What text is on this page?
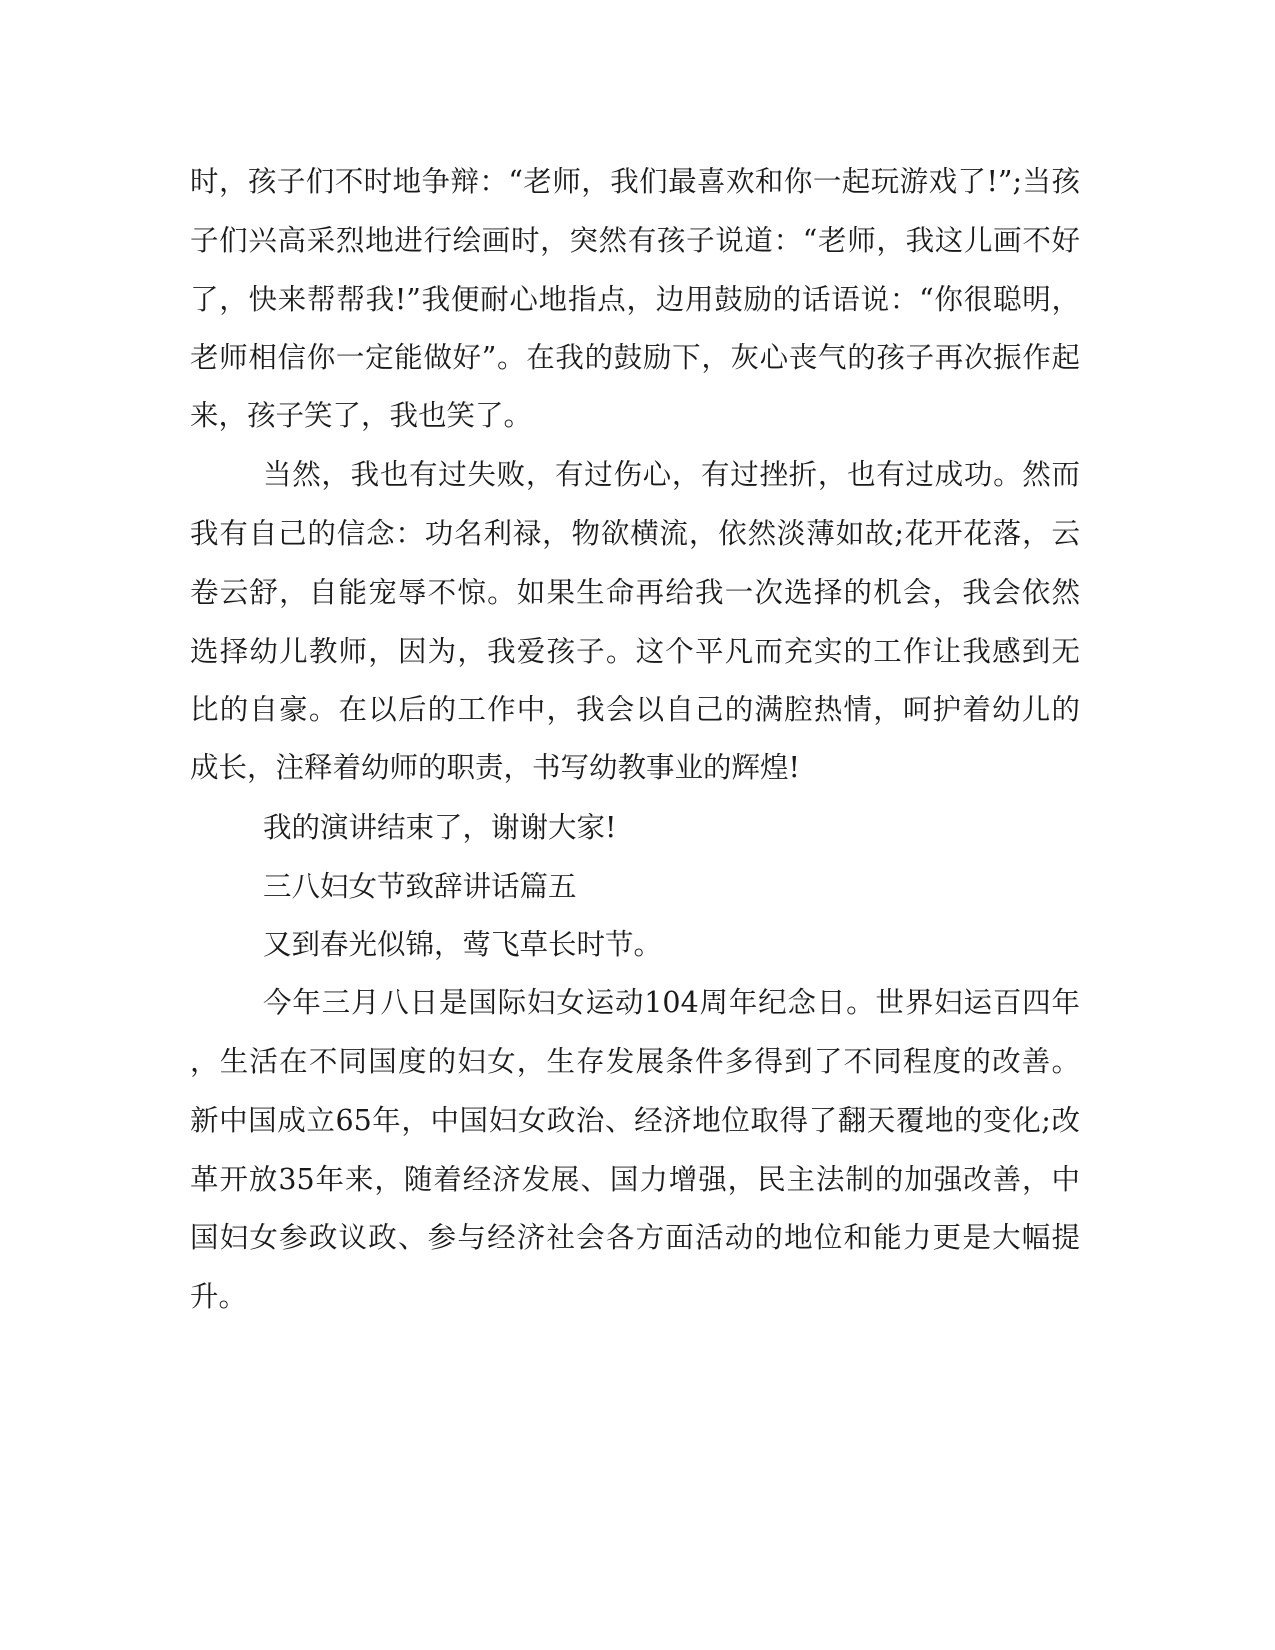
时，孩子们不时地争辩：“老师，我们最喜欢和你一起玩游戏了!”;当孩

子们兴高采烈地进行绘画时，突然有孩子说道：“老师，我这儿画不好

了，快来帮帮我!”我便耐心地指点，边用鼓励的话语说：“你很聪明，

老师相信你一定能做好”。在我的鼓励下，灰心丧气的孩子再次振作起

来，孩子笑了，我也笑了。

当然，我也有过失败，有过伤心，有过挫折，也有过成功。然而

我有自己的信念：功名利禄，物欲横流，依然淡薄如故;花开花落，云

卷云舒，自能宠辱不惊。如果生命再给我一次选择的机会，我会依然

选择幼儿教师，因为，我爱孩子。这个平凡而充实的工作让我感到无

比的自豪。在以后的工作中，我会以自己的满腔热情，呵护着幼儿的

成长，注释着幼师的职责，书写幼教事业的辉煌!

我的演讲结束了，谢谢大家!

三八妇女节致辞讲话篇五

又到春光似锦，莺飞草长时节。

今年三月八日是国际妇女运动104周年纪念日。世界妇运百四年

，生活在不同国度的妇女，生存发展条件多得到了不同程度的改善。

新中国成立65年，中国妇女政治、经济地位取得了翻天覆地的变化;改

革开放35年来，随着经济发展、国力增强，民主法制的加强改善，中

国妇女参政议政、参与经济社会各方面活动的地位和能力更是大幅提

升。
